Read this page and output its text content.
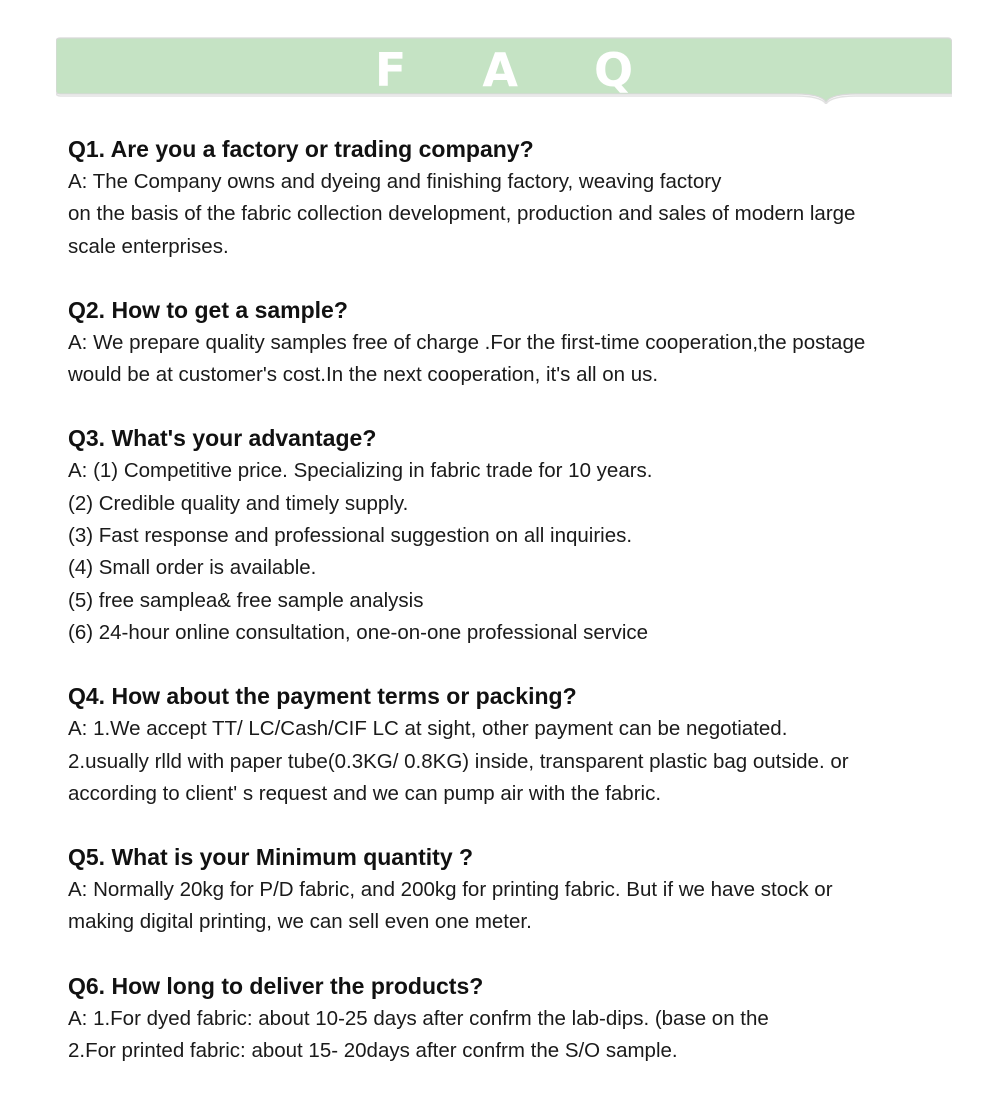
F A Q

Q1. Are you a factory or trading company?

A: The Company owns and dyeing and finishing factory, weaving factory

on the basis of the fabric collection development, production and sales of modern large

scale enterprises.

Q2. How to get a sample?

A: We prepare quality samples free of charge .For the first-time cooperation,the postage

would be at customer's cost.In the next cooperation, it's all on us.

Q3. What's your advantage?

A: (1) Competitive price. Specializing in fabric trade for 10 years.

(2) Credible quality and timely supply.

(3) Fast response and professional suggestion on all inquiries.

(4) Small order is available.

(5) free samplea& free sample analysis

(6) 24-hour online consultation, one-on-one professional service

Q4. How about the payment terms or packing?

A: 1.We accept TT/ LC/Cash/CIF LC at sight, other payment can be negotiated.

2.usually rlld with paper tube(0.3KG/ 0.8KG) inside, transparent plastic bag outside. or

according to client' s request and we can pump air with the fabric.

Q5. What is your Minimum quantity ?

A: Normally 20kg for P/D fabric, and 200kg for printing fabric. But if we have stock or

making digital printing, we can sell even one meter.

Q6. How long to deliver the products?

A: 1.For dyed fabric: about 10-25 days after confrm the lab-dips. (base on the

2.For printed fabric: about 15- 20days after confrm the S/O sample.
